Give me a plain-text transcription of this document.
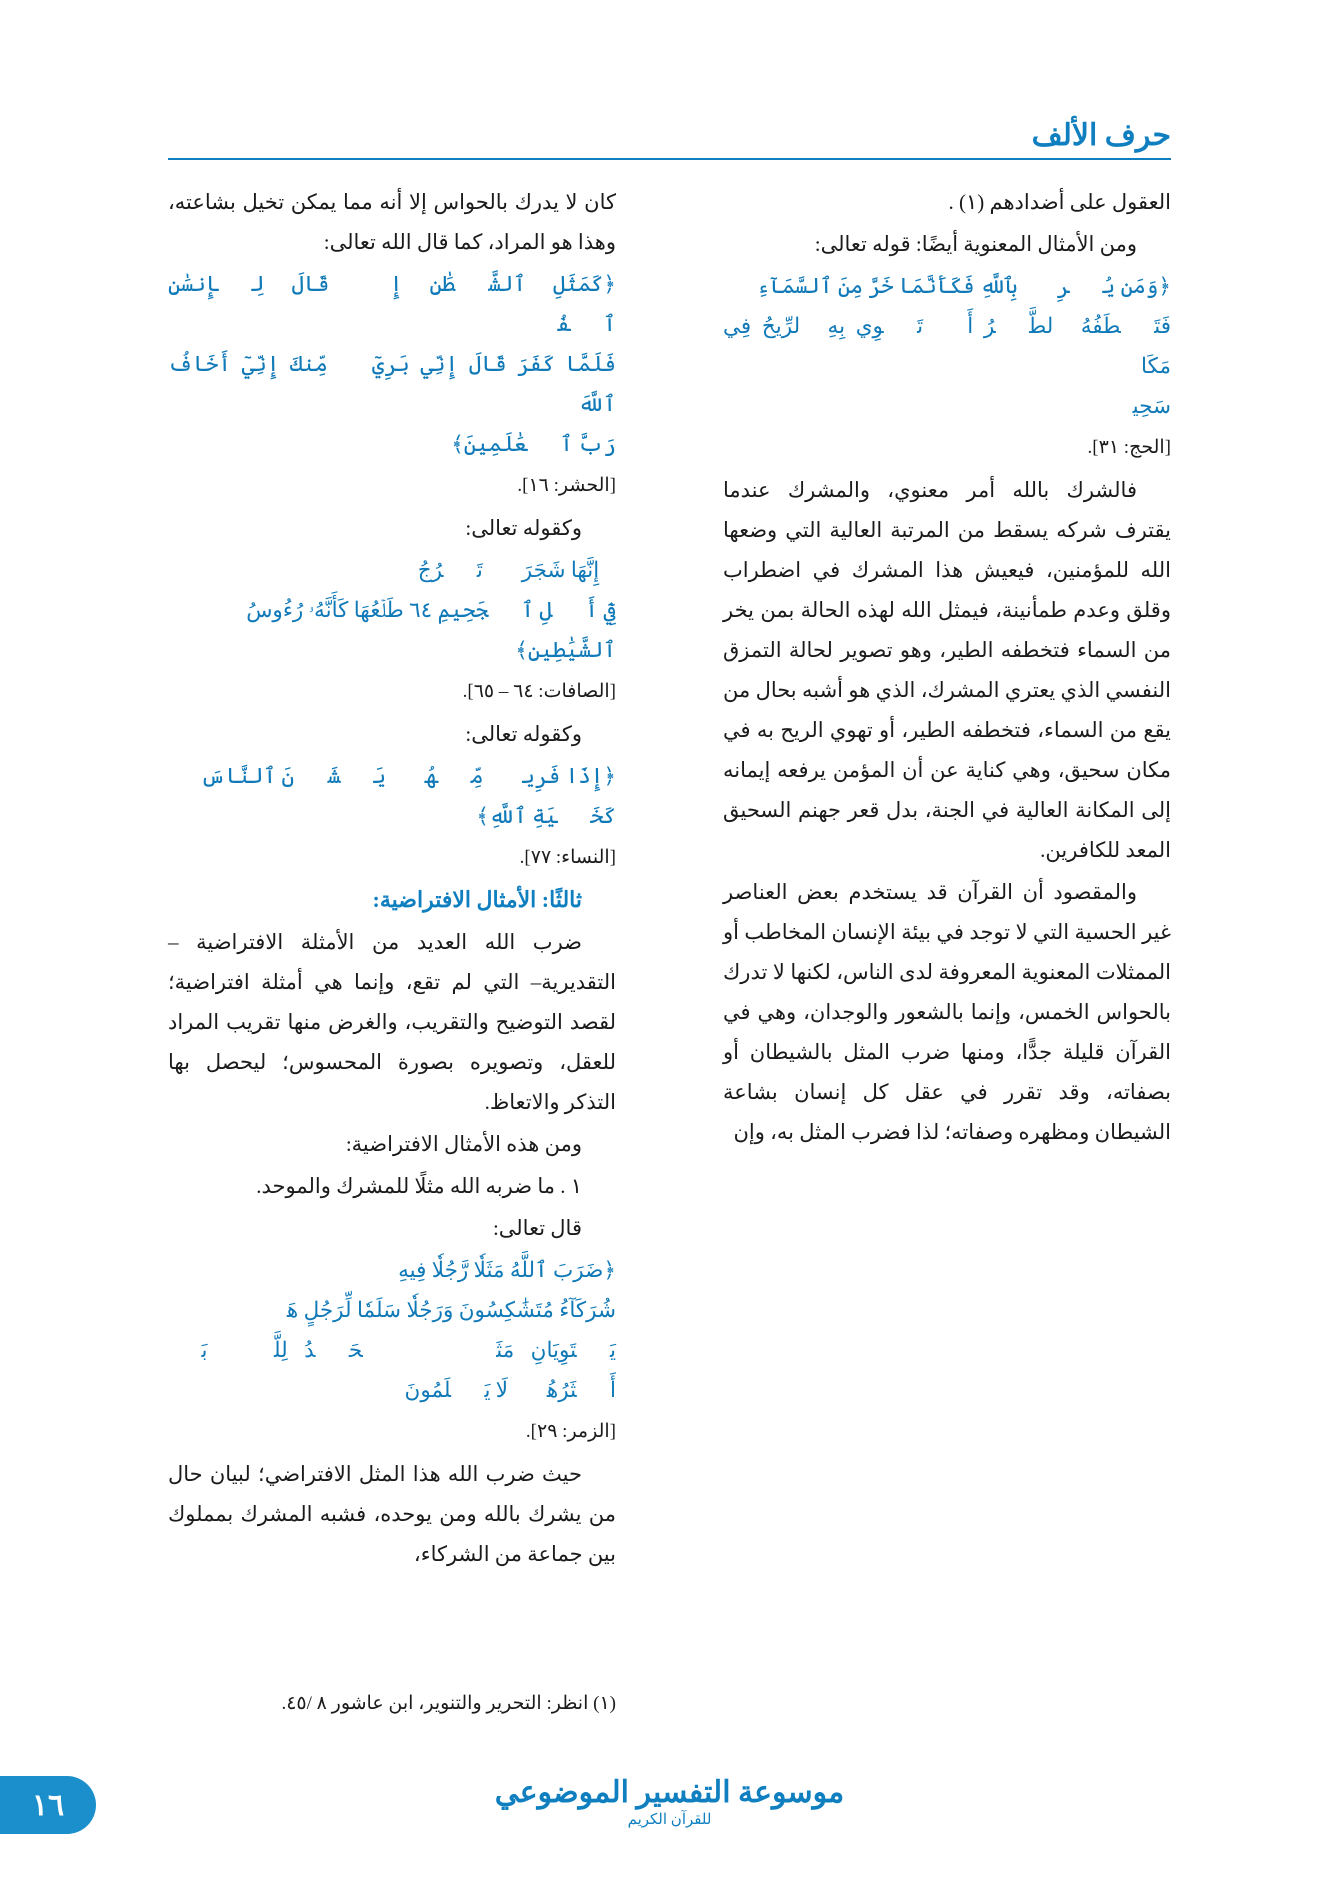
حرف الألف

العقول على أضدادهم (١) .

ومن الأمثال المعنوية أيضًا: قوله تعالى:

﴿وَمَن يُشۡرِكۡ بِٱللَّهِ فَكَأَنَّمَا خَرَّ مِنَ ٱلسَّمَآءِ
فَتَخۡطَفُهُ ٱلطَّيۡرُ أَوۡ تَهۡوِي بِهِ ٱلرِّيحُ فِي مَكَانٖ
سَحِيقٖ﴾
[الحج: ٣١].

فالشرك بالله أمر معنوي، والمشرك عندما يقترف شركه يسقط من المرتبة العالية التي وضعها الله للمؤمنين، فيعيش هذا المشرك في اضطراب وقلق وعدم طمأنينة، فيمثل الله لهذه الحالة بمن يخر من السماء فتخطفه الطير، وهو تصوير لحالة التمزق النفسي الذي يعتري المشرك، الذي هو أشبه بحال من يقع من السماء، فتخطفه الطير، أو تهوي الريح به في مكان سحيق، وهي كناية عن أن المؤمن يرفعه إيمانه إلى المكانة العالية في الجنة، بدل قعر جهنم السحيق المعد للكافرين.

والمقصود أن القرآن قد يستخدم بعض العناصر غير الحسية التي لا توجد في بيئة الإنسان المخاطب أو الممثلات المعنوية المعروفة لدى الناس، لكنها لا تدرك بالحواس الخمس، وإنما بالشعور والوجدان، وهي في القرآن قليلة جدًّا، ومنها ضرب المثل بالشيطان أو بصفاته، وقد تقرر في عقل كل إنسان بشاعة الشيطان ومظهره وصفاته؛ لذا فضرب المثل به، وإن

كان لا يدرك بالحواس إلا أنه مما يمكن تخيل بشاعته، وهذا هو المراد، كما قال الله تعالى:

﴿كَمَثَلِ ٱلشَّيۡطَٰنِ إِذۡ قَالَ لِلۡإِنسَٰنِ ٱكۡفُرۡ
فَلَمَّا كَفَرَ قَالَ إِنِّي بَرِيٓءٞ مِّنكَ إِنِّيٓ أَخَافُ ٱللَّهَ
رَبَّ ٱلۡعَٰلَمِينَ﴾
[الحشر: ١٦].

وكقوله تعالى:

﴿إِنَّهَا شَجَرَةٞ تَخۡرُجُ
فِيٓ أَصۡلِ ٱلۡجَحِيمِ ٦٤ طَلۡعُهَا كَأَنَّهُۥ رُءُوسُ
ٱلشَّيَٰطِينِ﴾
[الصافات: ٦٤ – ٦٥].

وكقوله تعالى:

﴿إِذَا فَرِيقٞ مِّنۡهُمۡ يَخۡشَوۡنَ ٱلنَّاسَ
كَخَشۡيَةِ ٱللَّهِ﴾
[النساء: ٧٧].

ثالثًا: الأمثال الافتراضية:

ضرب الله العديد من الأمثلة الافتراضية –التقديرية– التي لم تقع، وإنما هي أمثلة افتراضية؛ لقصد التوضيح والتقريب، والغرض منها تقريب المراد للعقل، وتصويره بصورة المحسوس؛ ليحصل بها التذكر والاتعاظ.

ومن هذه الأمثال الافتراضية:

١ . ما ضربه الله مثلًا للمشرك والموحد.

قال تعالى:

﴿ضَرَبَ ٱللَّهُ مَثَلٗا رَّجُلٗا فِيهِ
شُرَكَآءُ مُتَشَٰكِسُونَ وَرَجُلٗا سَلَمٗا لِّرَجُلٍ هَلۡ
يَسۡتَوِيَانِ مَثَلًاۚ ٱلۡحَمۡدُ لِلَّهِۚ بَلۡ أَكۡثَرُهُمۡ لَا يَعۡلَمُونَ﴾
[الزمر: ٢٩].

حيث ضرب الله هذا المثل الافتراضي؛ لبيان حال من يشرك بالله ومن يوحده، فشبه المشرك بمملوك بين جماعة من الشركاء،

(١) انظر: التحرير والتنوير، ابن عاشور ٨ /٤٥.
موسوعة التفسير الموضوعي
للقرآن الكريم
١٦
